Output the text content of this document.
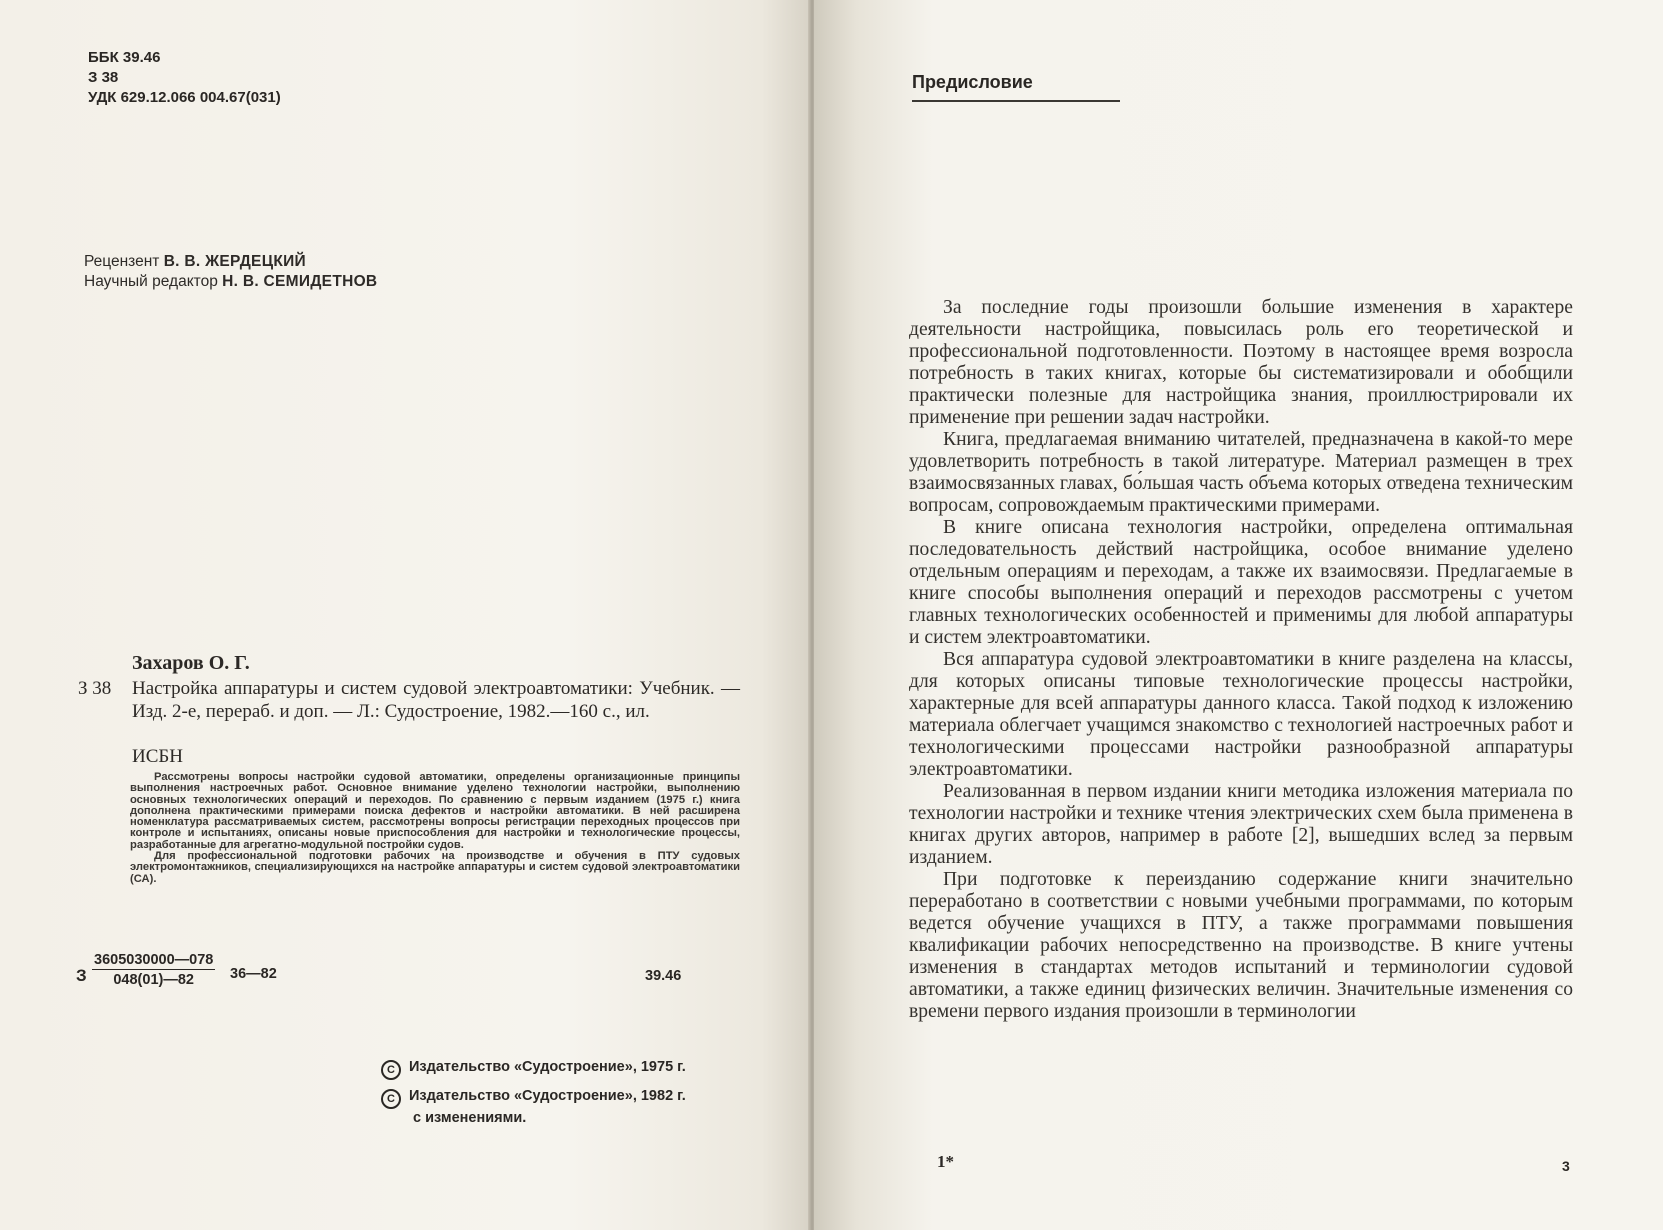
ББК 39.46
З 38
УДК 629.12.066 004.67(031)
Рецензент В. В. ЖЕРДЕЦКИЙ
Научный редактор Н. В. СЕМИДЕТНОВ
Захаров О. Г.
З 38 Настройка аппаратуры и систем судовой электроавтоматики: Учебник. — Изд. 2-е, перераб. и доп. — Л.: Судостроение, 1982.—160 с., ил.
ИСБН

Рассмотрены вопросы настройки судовой автоматики, определены организационные принципы выполнения настроечных работ. Основное внимание уделено технологии настройки, выполнению основных технологических операций и переходов. По сравнению с первым изданием (1975 г.) книга дополнена практическими примерами поиска дефектов и настройки автоматики. В ней расширена номенклатура рассматриваемых систем, рассмотрены вопросы регистрации переходных процессов при контроле и испытаниях, описаны новые приспособления для настройки и технологические процессы, разработанные для агрегатно-модульной постройки судов.

Для профессиональной подготовки рабочих на производстве и обучения в ПТУ судовых электромонтажников, специализирующихся на настройке аппаратуры и систем судовой электроавтоматики (СА).

З $\frac{3605030000—078}{048(01)—82}$ 36—82	39.46
C Издательство «Судостроение», 1975 г.
C Издательство «Судостроение», 1982 г.
с изменениями.
Предисловие

За последние годы произошли большие изменения в характере деятельности настройщика, повысилась роль его теоретической и профессиональной подготовленности. Поэтому в настоящее время возросла потребность в таких книгах, которые бы систематизировали и обобщили практически полезные для настройщика знания, проиллюстрировали их применение при решении задач настройки.

Книга, предлагаемая вниманию читателей, предназначена в какой-то мере удовлетворить потребность в такой литературе. Материал размещен в трех взаимосвязанных главах, бо́льшая часть объема которых отведена техническим вопросам, сопровождаемым практическими примерами.

В книге описана технология настройки, определена оптимальная последовательность действий настройщика, особое внимание уделено отдельным операциям и переходам, а также их взаимосвязи. Предлагаемые в книге способы выполнения операций и переходов рассмотрены с учетом главных технологических особенностей и применимы для любой аппаратуры и систем электроавтоматики.

Вся аппаратура судовой электроавтоматики в книге разделена на классы, для которых описаны типовые технологические процессы настройки, характерные для всей аппаратуры данного класса. Такой подход к изложению материала облегчает учащимся знакомство с технологией настроечных работ и технологическими процессами настройки разнообразной аппаратуры электроавтоматики.

Реализованная в первом издании книги методика изложения материала по технологии настройки и технике чтения электрических схем была применена в книгах других авторов, например в работе [2], вышедших вслед за первым изданием.

При подготовке к переизданию содержание книги значительно переработано в соответствии с новыми учебными программами, по которым ведется обучение учащихся в ПТУ, а также программами повышения квалификации рабочих непосредственно на производстве. В книге учтены изменения в стандартах методов испытаний и терминологии судовой автоматики, а также единиц физических величин. Значительные изменения со времени первого издания произошли в терминологии

1*	3
